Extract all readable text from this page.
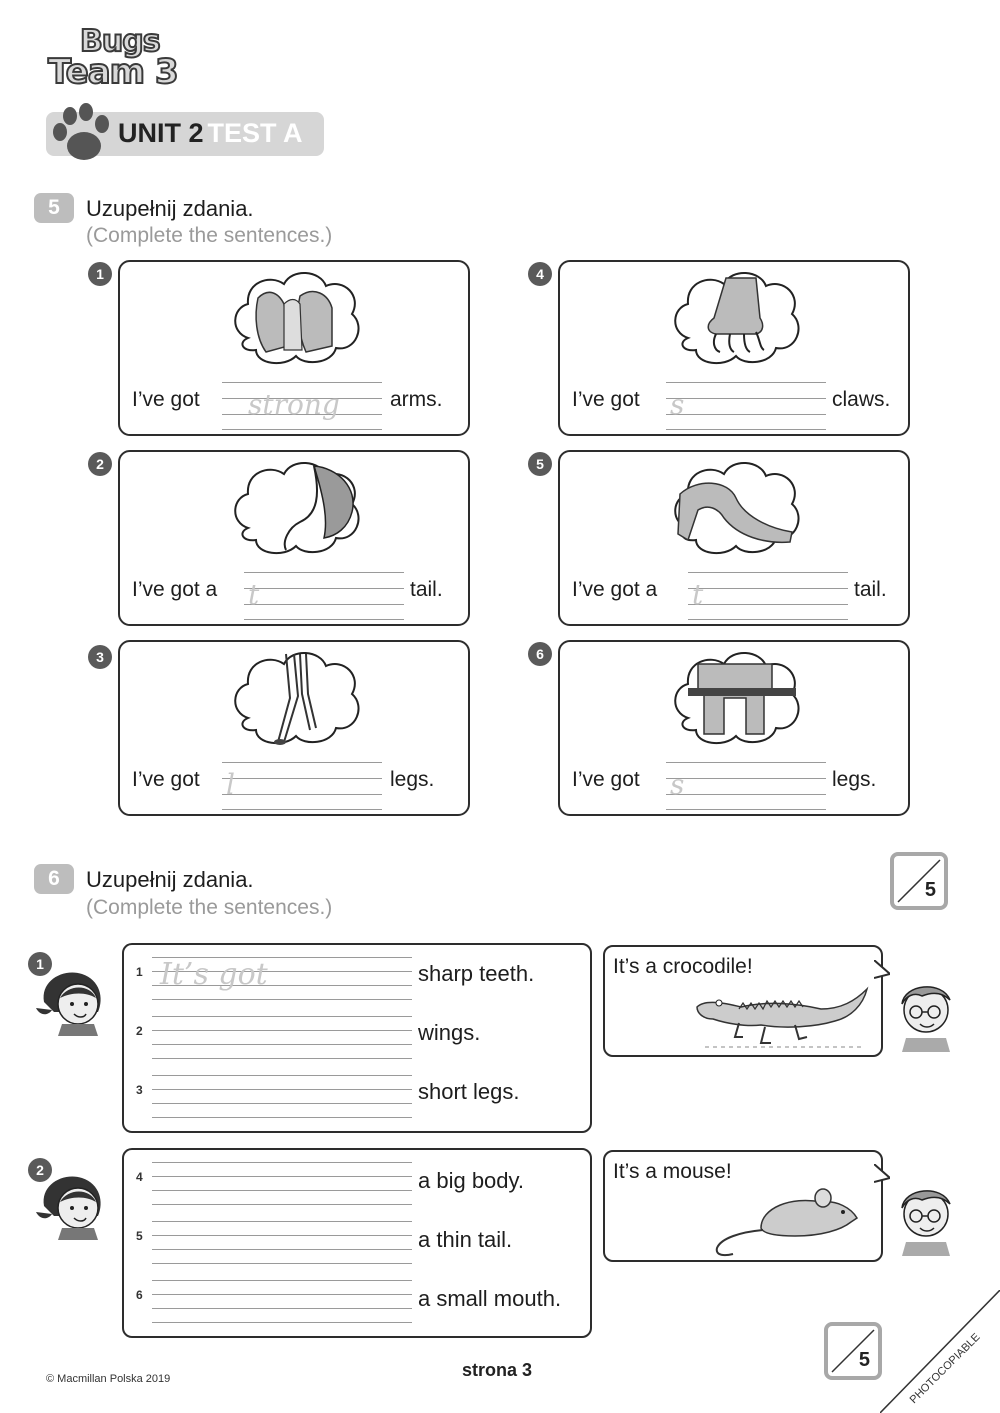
Bugs
Team 3
UNIT 2 TEST A
5	Uzupełnij zdania.
(Complete the sentences.)
1
I’ve got strong arms.
2
I’ve got a t	tail.
3
I’ve got l	legs.
4
I’ve got s	claws.
5
I’ve got a t	tail.
6
I’ve got s	legs.
5
6	Uzupełnij zdania.
(Complete the sentences.)
1	1 It’s got	sharp teeth.
2	wings.
3	short legs.
It’s a crocodile!
2	4	a big body.
5	a thin tail.
6	a small mouth.
It’s a mouse!
5
© Macmillan Polska 2019	strona 3	PHOTOCOPIABLE
